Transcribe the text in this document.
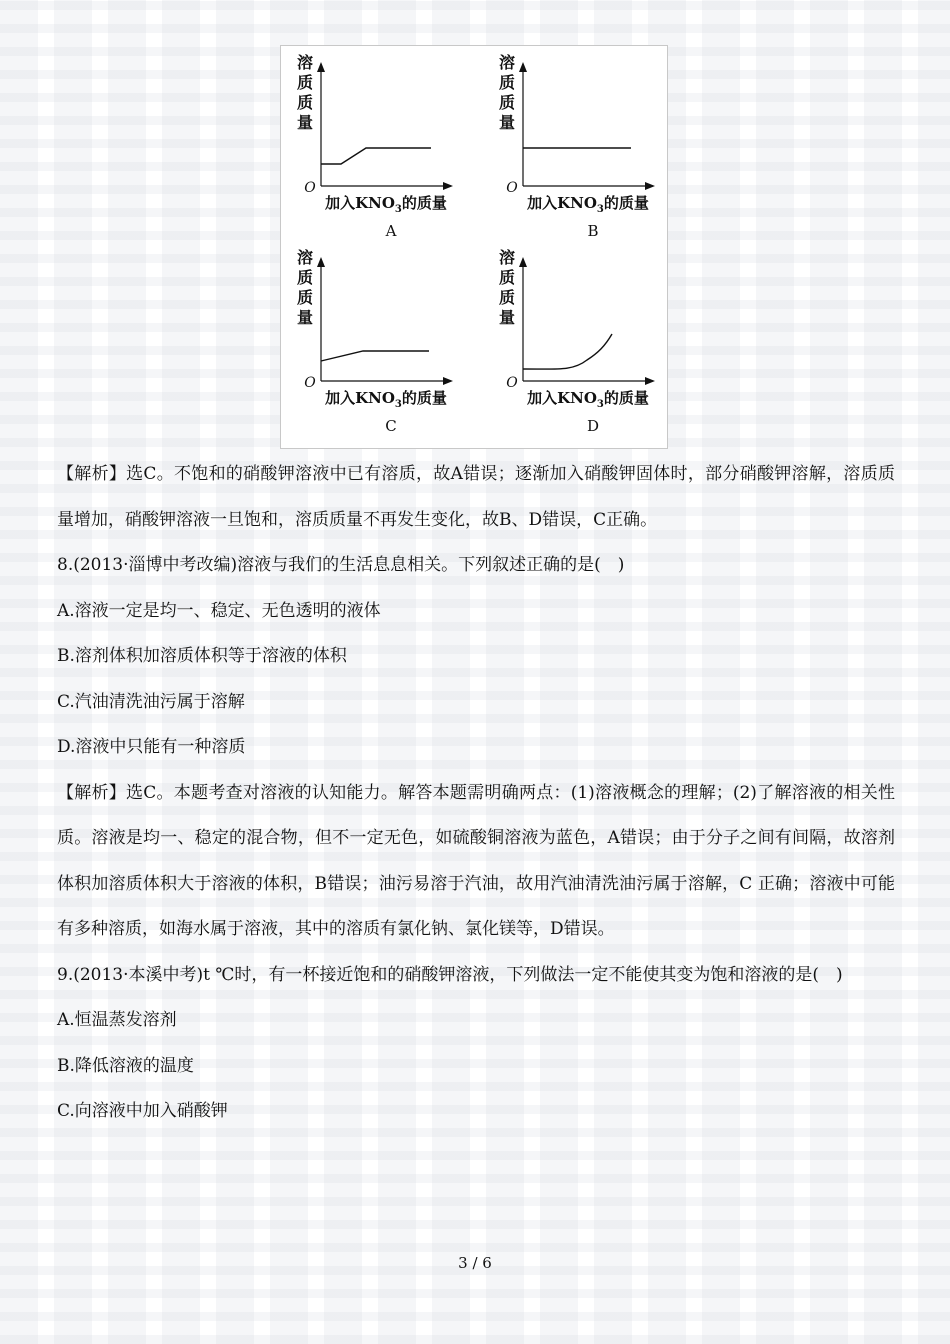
溶
质
质
量
O
加入$KNO_3$的质量
A
溶
质
质
量
O
加入$KNO_3$的质量
B
溶
质
质
量
O
加入$KNO_3$的质量
C
溶
质
质
量
O
加入$KNO_3$的质量
D

【解析】选C。不饱和的硝酸钾溶液中已有溶质，故A错误；逐渐加入硝酸钾固体时，部分硝酸钾溶解，溶质质量增加，硝酸钾溶液一旦饱和，溶质质量不再发生变化，故B、D错误，C正确。

8.(2013·淄博中考改编)溶液与我们的生活息息相关。下列叙述正确的是(　)

A.溶液一定是均一、稳定、无色透明的液体

B.溶剂体积加溶质体积等于溶液的体积

C.汽油清洗油污属于溶解

D.溶液中只能有一种溶质

【解析】选C。本题考查对溶液的认知能力。解答本题需明确两点：(1)溶液概念的理解；(2)了解溶液的相关性质。溶液是均一、稳定的混合物，但不一定无色，如硫酸铜溶液为蓝色，A错误；由于分子之间有间隔，故溶剂体积加溶质体积大于溶液的体积，B错误；油污易溶于汽油，故用汽油清洗油污属于溶解，C 正确；溶液中可能有多种溶质，如海水属于溶液，其中的溶质有氯化钠、氯化镁等，D错误。

9.(2013·本溪中考)t ℃时，有一杯接近饱和的硝酸钾溶液，下列做法一定不能使其变为饱和溶液的是(　)

A.恒温蒸发溶剂

B.降低溶液的温度

C.向溶液中加入硝酸钾

3 / 6
